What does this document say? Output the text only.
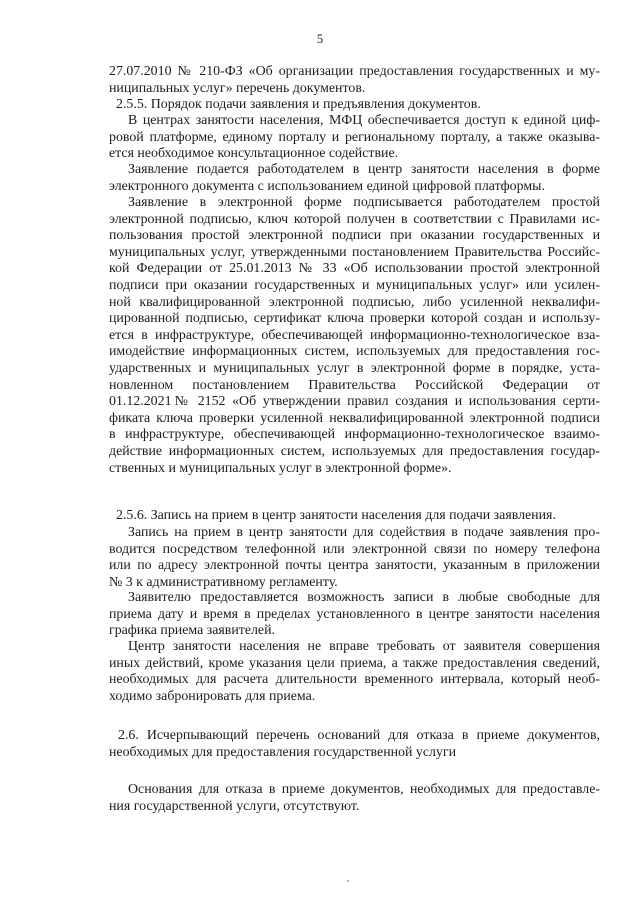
5
27.07.2010 № 210-ФЗ «Об организации предоставления государственных и му-
ниципальных услуг» перечень документов.
2.5.5. Порядок подачи заявления и предъявления документов.
В центрах занятости населения, МФЦ обеспечивается доступ к единой циф-
ровой платформе, единому порталу и региональному порталу, а также оказыва-
ется необходимое консультационное содействие.
Заявление подается работодателем в центр занятости населения в форме
электронного документа с использованием единой цифровой платформы.
Заявление в электронной форме подписывается работодателем простой
электронной подписью, ключ которой получен в соответствии с Правилами ис-
пользования простой электронной подписи при оказании государственных и
муниципальных услуг, утвержденными постановлением Правительства Российс-
кой Федерации от 25.01.2013 № 33 «Об использовании простой электронной
подписи при оказании государственных и муниципальных услуг» или усилен-
ной квалифицированной электронной подписью, либо усиленной неквалифи-
цированной подписью, сертификат ключа проверки которой создан и использу-
ется в инфраструктуре, обеспечивающей информационно-технологическое вза-
имодействие информационных систем, используемых для предоставления гос-
ударственных и муниципальных услуг в электронной форме в порядке, уста-
новленном постановлением Правительства Российской Федерации от
01.12.2021№ 2152 «Об утверждении правил создания и использования серти-
фиката ключа проверки усиленной неквалифицированной электронной подписи
в инфраструктуре, обеспечивающей информационно-технологическое взаимо-
действие информационных систем, используемых для предоставления государ-
ственных и муниципальных услуг в электронной форме».
2.5.6. Запись на прием в центр занятости населения для подачи заявления.
Запись на прием в центр занятости для содействия в подаче заявления про-
водится посредством телефонной или электронной связи по номеру телефона
или по адресу электронной почты центра занятости, указанным в приложении
№ 3 к административному регламенту.
Заявителю предоставляется возможность записи в любые свободные для
приема дату и время в пределах установленного в центре занятости населения
графика приема заявителей.
Центр занятости населения не вправе требовать от заявителя совершения
иных действий, кроме указания цели приема, а также предоставления сведений,
необходимых для расчета длительности временного интервала, который необ-
ходимо забронировать для приема.
2.6. Исчерпывающий перечень оснований для отказа в приеме документов,
необходимых для предоставления государственной услуги
Основания для отказа в приеме документов, необходимых для предоставле-
ния государственной услуги, отсутствуют.
